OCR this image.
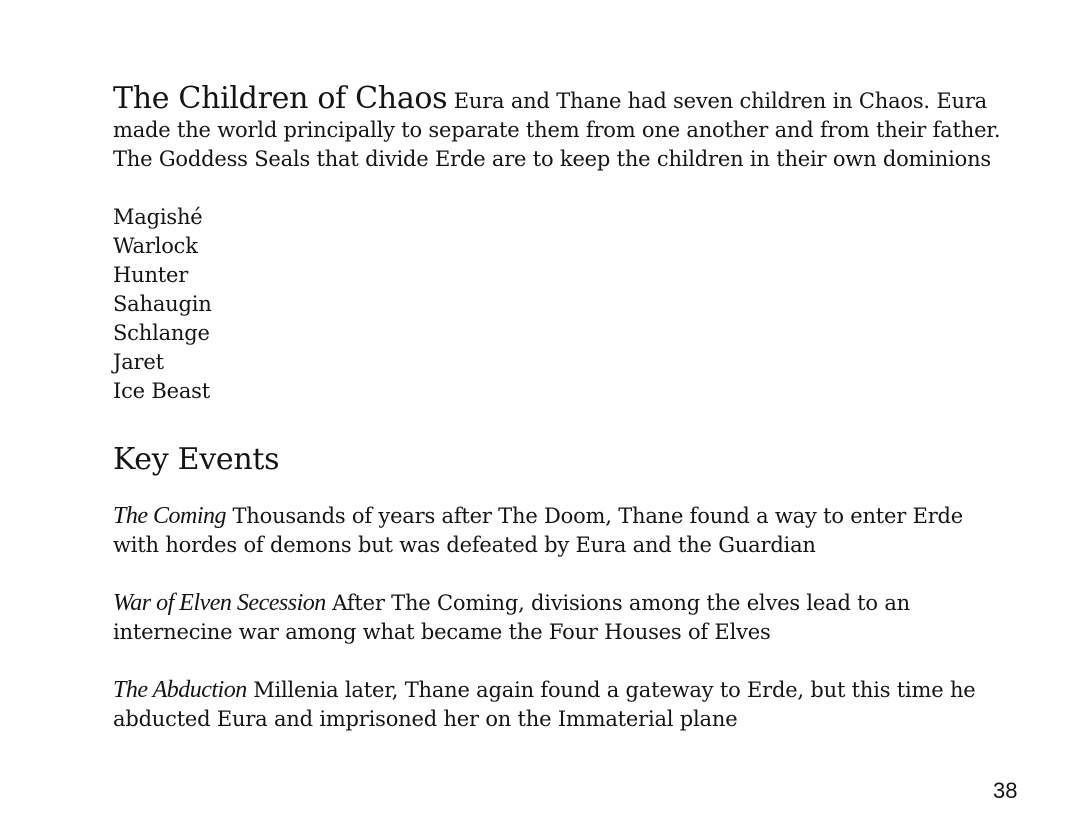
The Children of Chaos Eura and Thane had seven children in Chaos. Eura made the world principally to separate them from one another and from their father. The Goddess Seals that divide Erde are to keep the children in their own dominions

Magishé
Warlock
Hunter
Sahaugin
Schlange
Jaret
Ice Beast
Key Events

The Coming Thousands of years after The Doom, Thane found a way to enter Erde with hordes of demons but was defeated by Eura and the Guardian

War of Elven Secession After The Coming, divisions among the elves lead to an internecine war among what became the Four Houses of Elves

The Abduction Millenia later, Thane again found a gateway to Erde, but this time he abducted Eura and imprisoned her on the Immaterial plane

38
